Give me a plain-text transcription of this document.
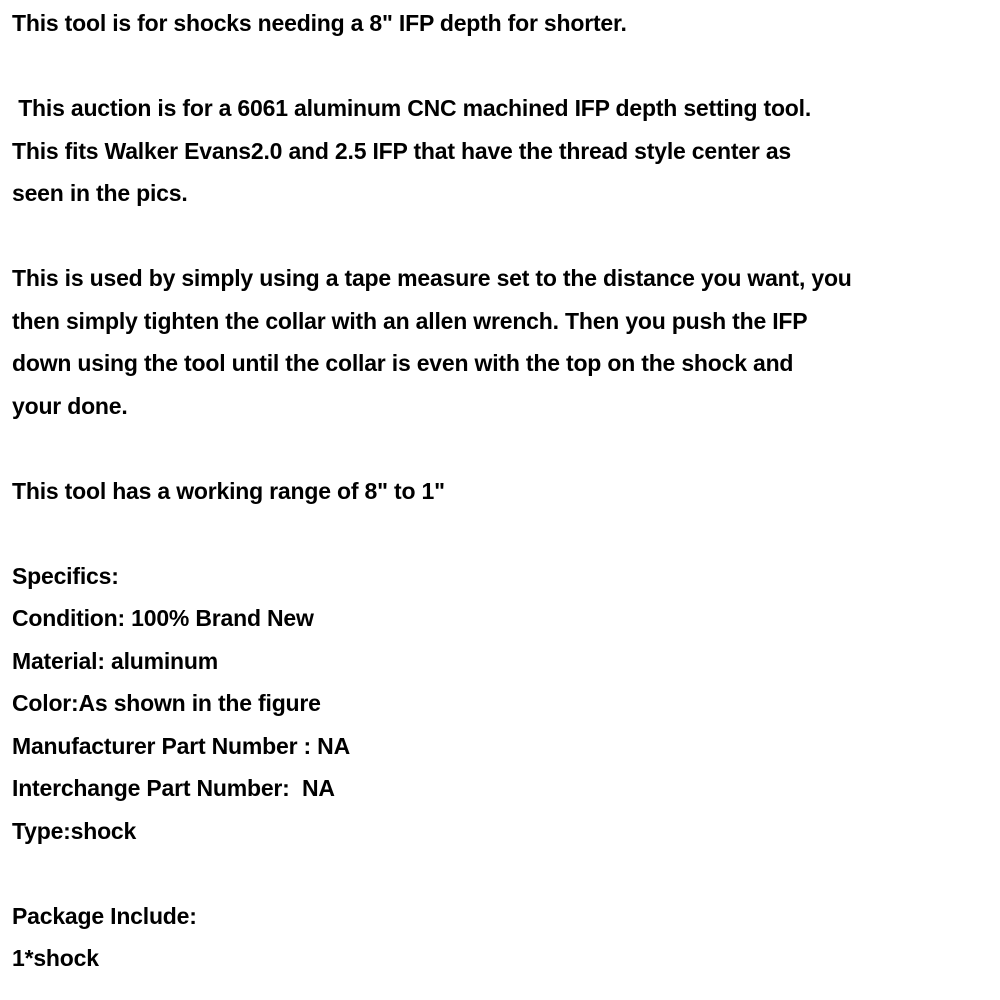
This tool is for shocks needing a 8" IFP depth for shorter.
This auction is for a 6061 aluminum CNC machined IFP depth setting tool.
This fits Walker Evans2.0 and 2.5 IFP that have the thread style center as
seen in the pics.
This is used by simply using a tape measure set to the distance you want, you
then simply tighten the collar with an allen wrench. Then you push the IFP
down using the tool until the collar is even with the top on the shock and
your done.
This tool has a working range of 8" to 1"
Specifics:
Condition: 100% Brand New
Material: aluminum
Color:As shown in the figure
Manufacturer Part Number : NA
Interchange Part Number:  NA
Type:shock
Package Include:
1*shock
